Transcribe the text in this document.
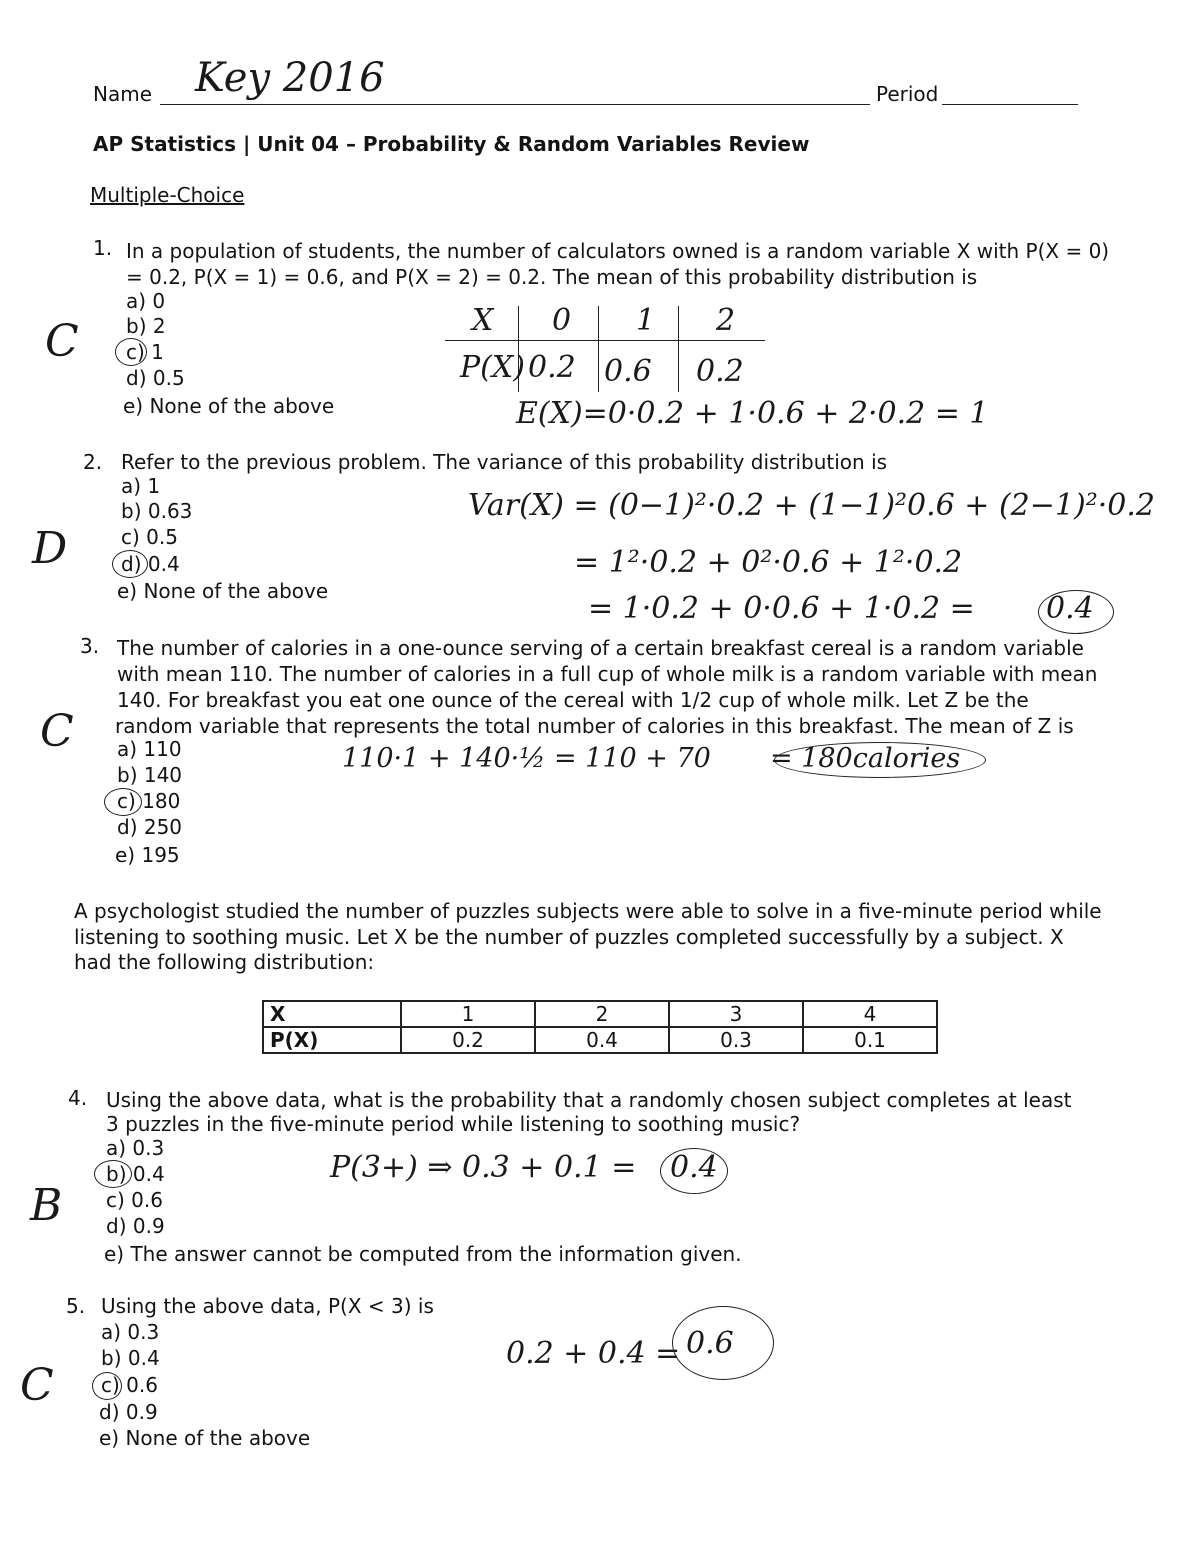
Name Key 2016	Period
AP Statistics | Unit 04 – Probability & Random Variables Review
Multiple-Choice
1. In a population of students, the number of calculators owned is a random variable X with P(X = 0)
= 0.2, P(X = 1) = 0.6, and P(X = 2) = 0.2. The mean of this probability distribution is
a) 0
b) 2
c) 1
d) 0.5
e) None of the above
C	X 0 1 2
P(X) 0.2 0.6 0.2
E(X)=0·0.2 + 1·0.6 + 2·0.2 = 1
2. Refer to the previous problem. The variance of this probability distribution is
a) 1
b) 0.63
c) 0.5
d) 0.4
e) None of the above
D
Var(X) = (0−1)²·0.2 + (1−1)²0.6 + (2−1)²·0.2
= 1²·0.2 + 0²·0.6 + 1²·0.2
= 1·0.2 + 0·0.6 + 1·0.2 = 0.4
3. The number of calories in a one-ounce serving of a certain breakfast cereal is a random variable
with mean 110. The number of calories in a full cup of whole milk is a random variable with mean
140. For breakfast you eat one ounce of the cereal with 1/2 cup of whole milk. Let Z be the
random variable that represents the total number of calories in this breakfast. The mean of Z is
a) 110
b) 140
c) 180
d) 250
e) 195
C
110·1 + 140·½ = 110 + 70 = 180calories
A psychologist studied the number of puzzles subjects were able to solve in a five-minute period while
listening to soothing music. Let X be the number of puzzles completed successfully by a subject. X
had the following distribution:
X	1	2	3	4
P(X)	0.2	0.4	0.3	0.1
4. Using the above data, what is the probability that a randomly chosen subject completes at least
3 puzzles in the five-minute period while listening to soothing music?
a) 0.3
b) 0.4
c) 0.6
d) 0.9
e) The answer cannot be computed from the information given.
B
P(3+) ⇒ 0.3 + 0.1 = 0.4
5. Using the above data, P(X < 3) is
a) 0.3
b) 0.4
c) 0.6
d) 0.9
e) None of the above
C
0.2 + 0.4 = 0.6
